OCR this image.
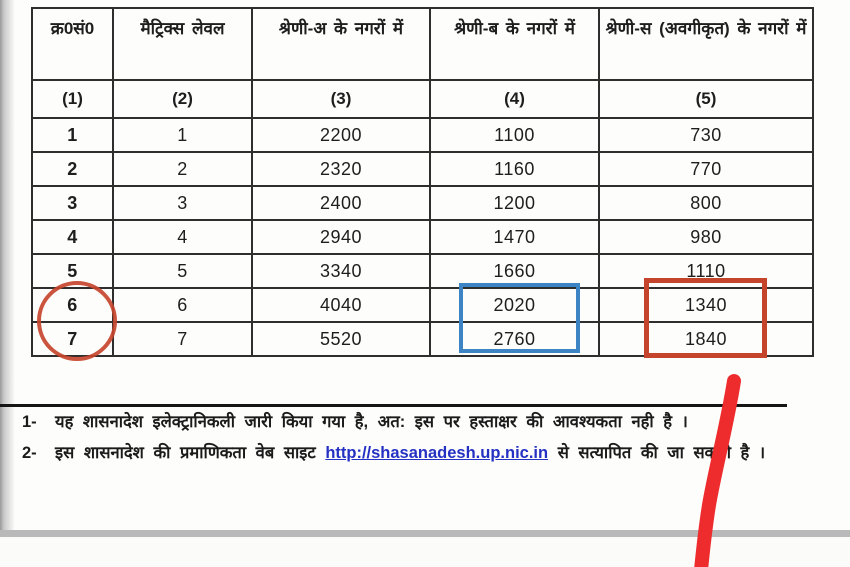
क्र0सं0	मैट्रिक्स लेवल	श्रेणी-अ के नगरों में	श्रेणी-ब के नगरों में	श्रेणी-स (अवगीकृत) के नगरों में
(1)	(2)	(3)	(4)	(5)
1	1	2200	1100	730
2	2	2320	1160	770
3	3	2400	1200	800
4	4	2940	1470	980
5	5	3340	1660	1110
6	6	4040	2020	1340
7	7	5520	2760	1840
1- यह शासनादेश इलेक्ट्रानिकली जारी किया गया है, अत: इस पर हस्ताक्षर की आवश्यकता नही है ।
2- इस शासनादेश की प्रमाणिकता वेब साइट http://shasanadesh.up.nic.in से सत्यापित की जा सकती है ।
